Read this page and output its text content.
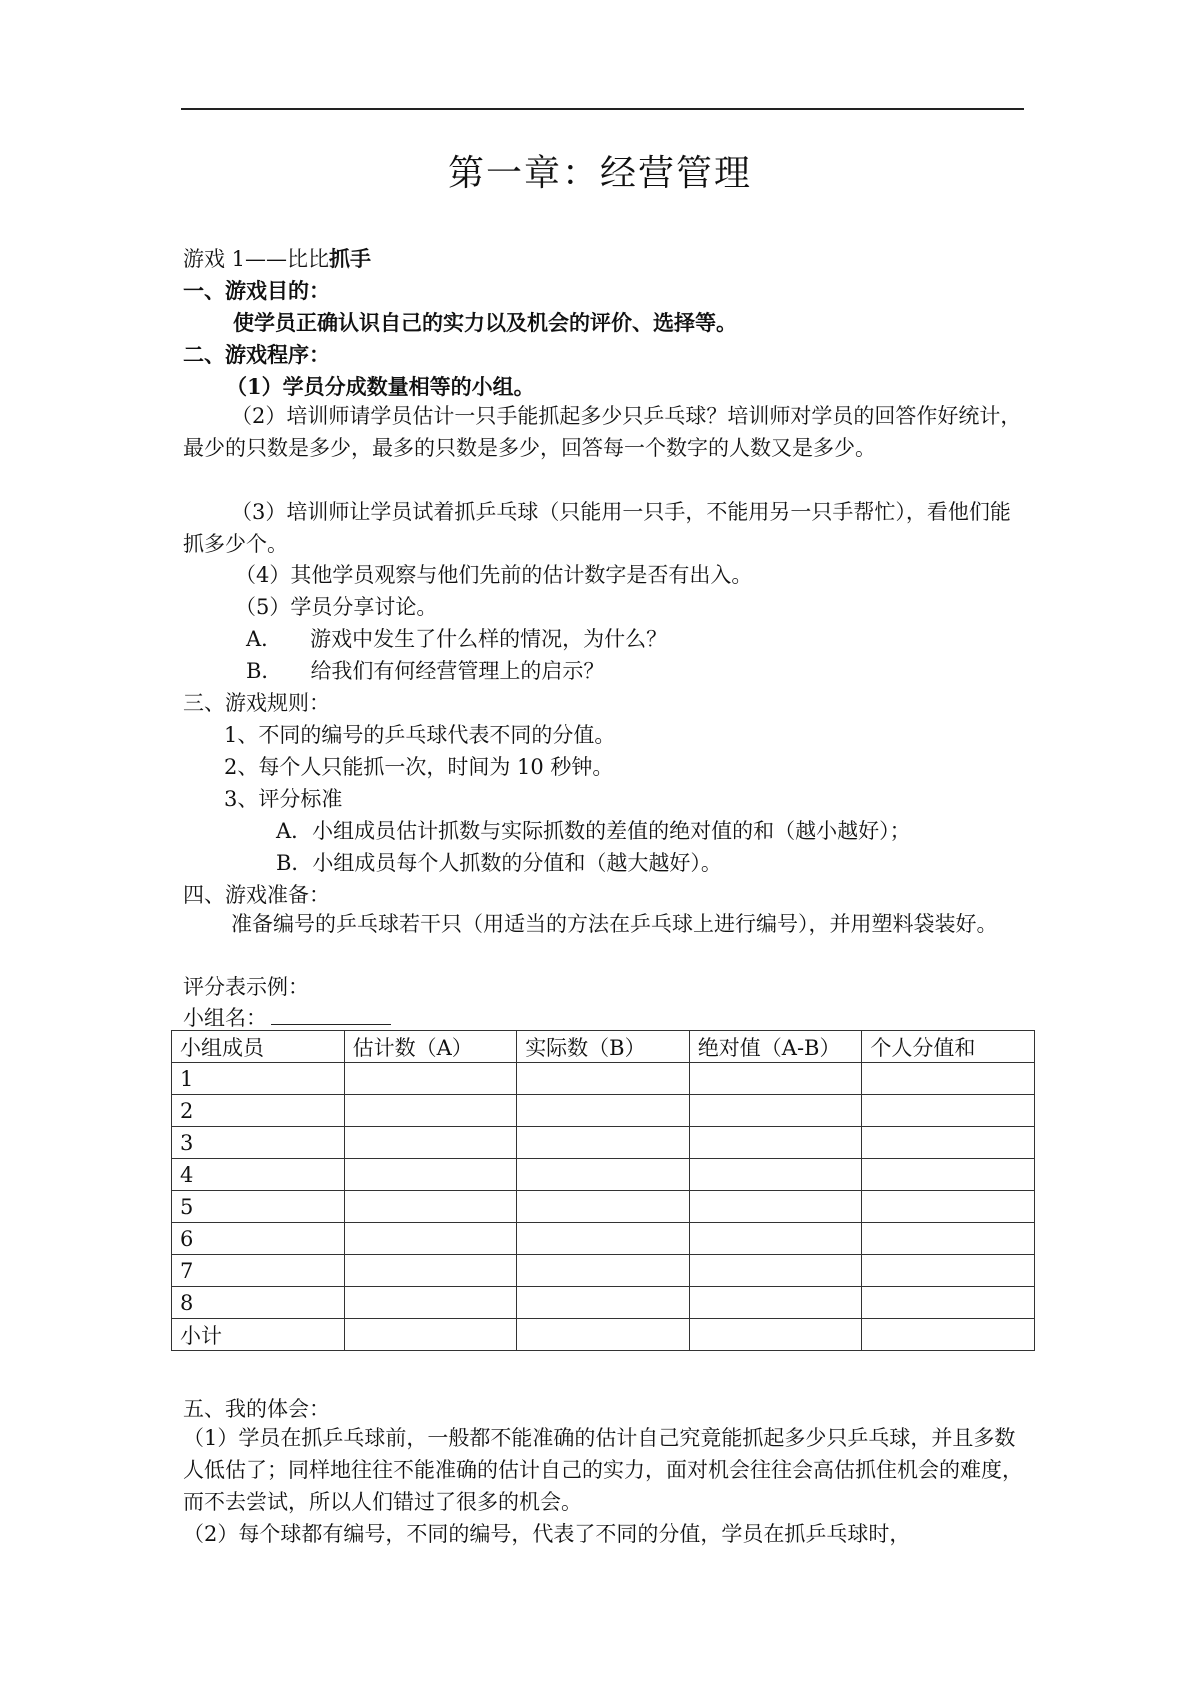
第一章：经营管理
游戏 1——比比抓手
一、游戏目的：
使学员正确认识自己的实力以及机会的评价、选择等。
二、游戏程序：
（1）学员分成数量相等的小组。
（2）培训师请学员估计一只手能抓起多少只乒乓球？培训师对学员的回答作好统计，最少的只数是多少，最多的只数是多少，回答每一个数字的人数又是多少。
（3）培训师让学员试着抓乒乓球（只能用一只手，不能用另一只手帮忙），看他们能抓多少个。
（4）其他学员观察与他们先前的估计数字是否有出入。
（5）学员分享讨论。
A． 游戏中发生了什么样的情况，为什么？
B． 给我们有何经营管理上的启示？
三、游戏规则：
1、不同的编号的乒乓球代表不同的分值。
2、每个人只能抓一次，时间为 10 秒钟。
3、评分标准
A．小组成员估计抓数与实际抓数的差值的绝对值的和（越小越好）；
B．小组成员每个人抓数的分值和（越大越好）。
四、游戏准备：
准备编号的乒乓球若干只（用适当的方法在乒乓球上进行编号），并用塑料袋装好。
评分表示例：
小组名：
小组成员	估计数（A）	实际数（B）	绝对值（A-B）	个人分值和
1				
2				
3				
4				
5				
6				
7				
8				
小计				
五、我的体会：
（1）学员在抓乒乓球前，一般都不能准确的估计自己究竟能抓起多少只乒乓球，并且多数人低估了；同样地往往不能准确的估计自己的实力，面对机会往往会高估抓住机会的难度，而不去尝试，所以人们错过了很多的机会。
（2）每个球都有编号，不同的编号，代表了不同的分值，学员在抓乒乓球时，
